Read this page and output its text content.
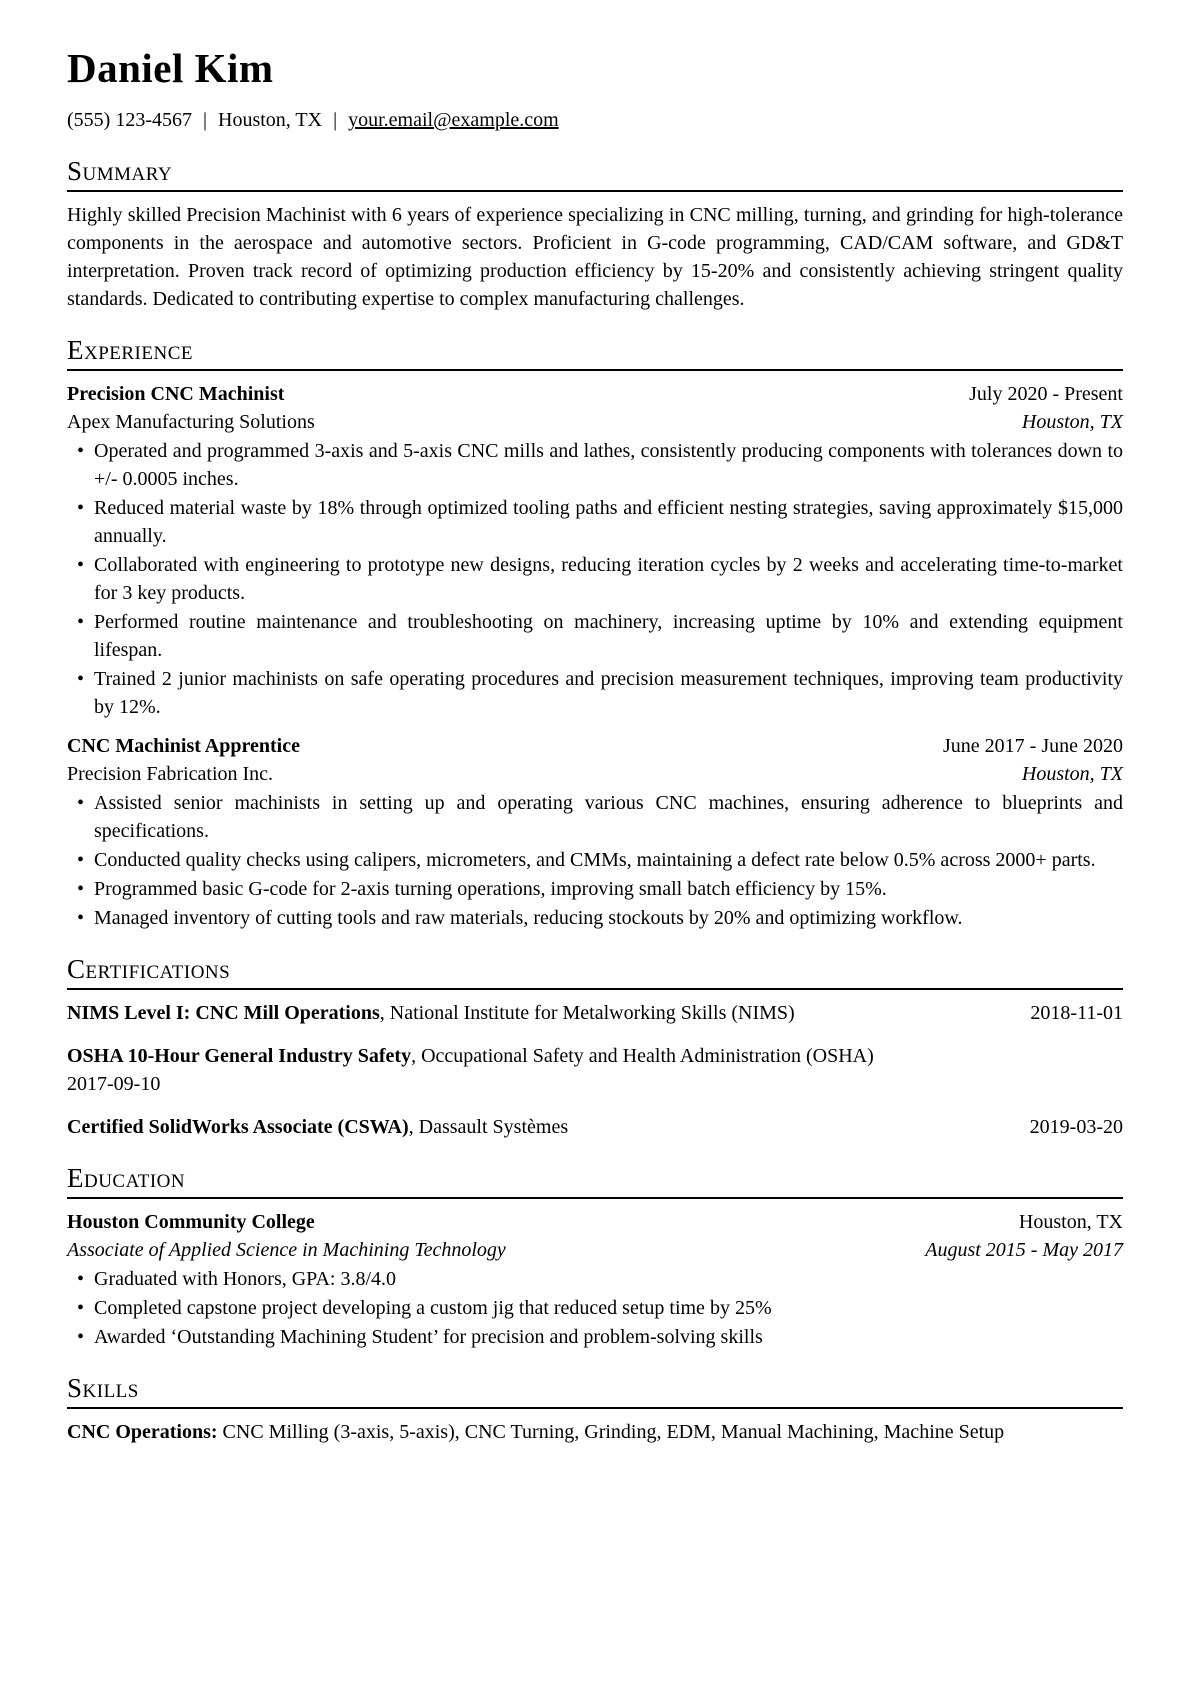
Daniel Kim
(555) 123-4567 | Houston, TX | your.email@example.com
Summary

Highly skilled Precision Machinist with 6 years of experience specializing in CNC milling, turning, and grinding for high-tolerance components in the aerospace and automotive sectors. Proficient in G-code programming, CAD/CAM software, and GD&T interpretation. Proven track record of optimizing production efficiency by 15-20% and consistently achieving stringent quality standards. Dedicated to contributing expertise to complex manufacturing challenges.

Experience
Precision CNC Machinist	July 2020 - Present
Apex Manufacturing Solutions	Houston, TX
• Operated and programmed 3-axis and 5-axis CNC mills and lathes, consistently producing components with tolerances down to +/- 0.0005 inches.
• Reduced material waste by 18% through optimized tooling paths and efficient nesting strategies, saving approximately $15,000 annually.
• Collaborated with engineering to prototype new designs, reducing iteration cycles by 2 weeks and accelerating time-to-market for 3 key products.
• Performed routine maintenance and troubleshooting on machinery, increasing uptime by 10% and extending equipment lifespan.
• Trained 2 junior machinists on safe operating procedures and precision measurement techniques, improving team productivity by 12%.
CNC Machinist Apprentice	June 2017 - June 2020
Precision Fabrication Inc.	Houston, TX
• Assisted senior machinists in setting up and operating various CNC machines, ensuring adherence to blueprints and specifications.
• Conducted quality checks using calipers, micrometers, and CMMs, maintaining a defect rate below 0.5% across 2000+ parts.
• Programmed basic G-code for 2-axis turning operations, improving small batch efficiency by 15%.
• Managed inventory of cutting tools and raw materials, reducing stockouts by 20% and optimizing workflow.
Certifications
NIMS Level I: CNC Mill Operations, National Institute for Metalworking Skills (NIMS)	2018-11-01
OSHA 10-Hour General Industry Safety, Occupational Safety and Health Administration (OSHA)
2017-09-10
Certified SolidWorks Associate (CSWA), Dassault Systèmes	2019-03-20
Education
Houston Community College	Houston, TX
Associate of Applied Science in Machining Technology	August 2015 - May 2017
• Graduated with Honors, GPA: 3.8/4.0
• Completed capstone project developing a custom jig that reduced setup time by 25%
• Awarded ‘Outstanding Machining Student’ for precision and problem-solving skills
Skills

CNC Operations: CNC Milling (3-axis, 5-axis), CNC Turning, Grinding, EDM, Manual Machining, Machine Setup
